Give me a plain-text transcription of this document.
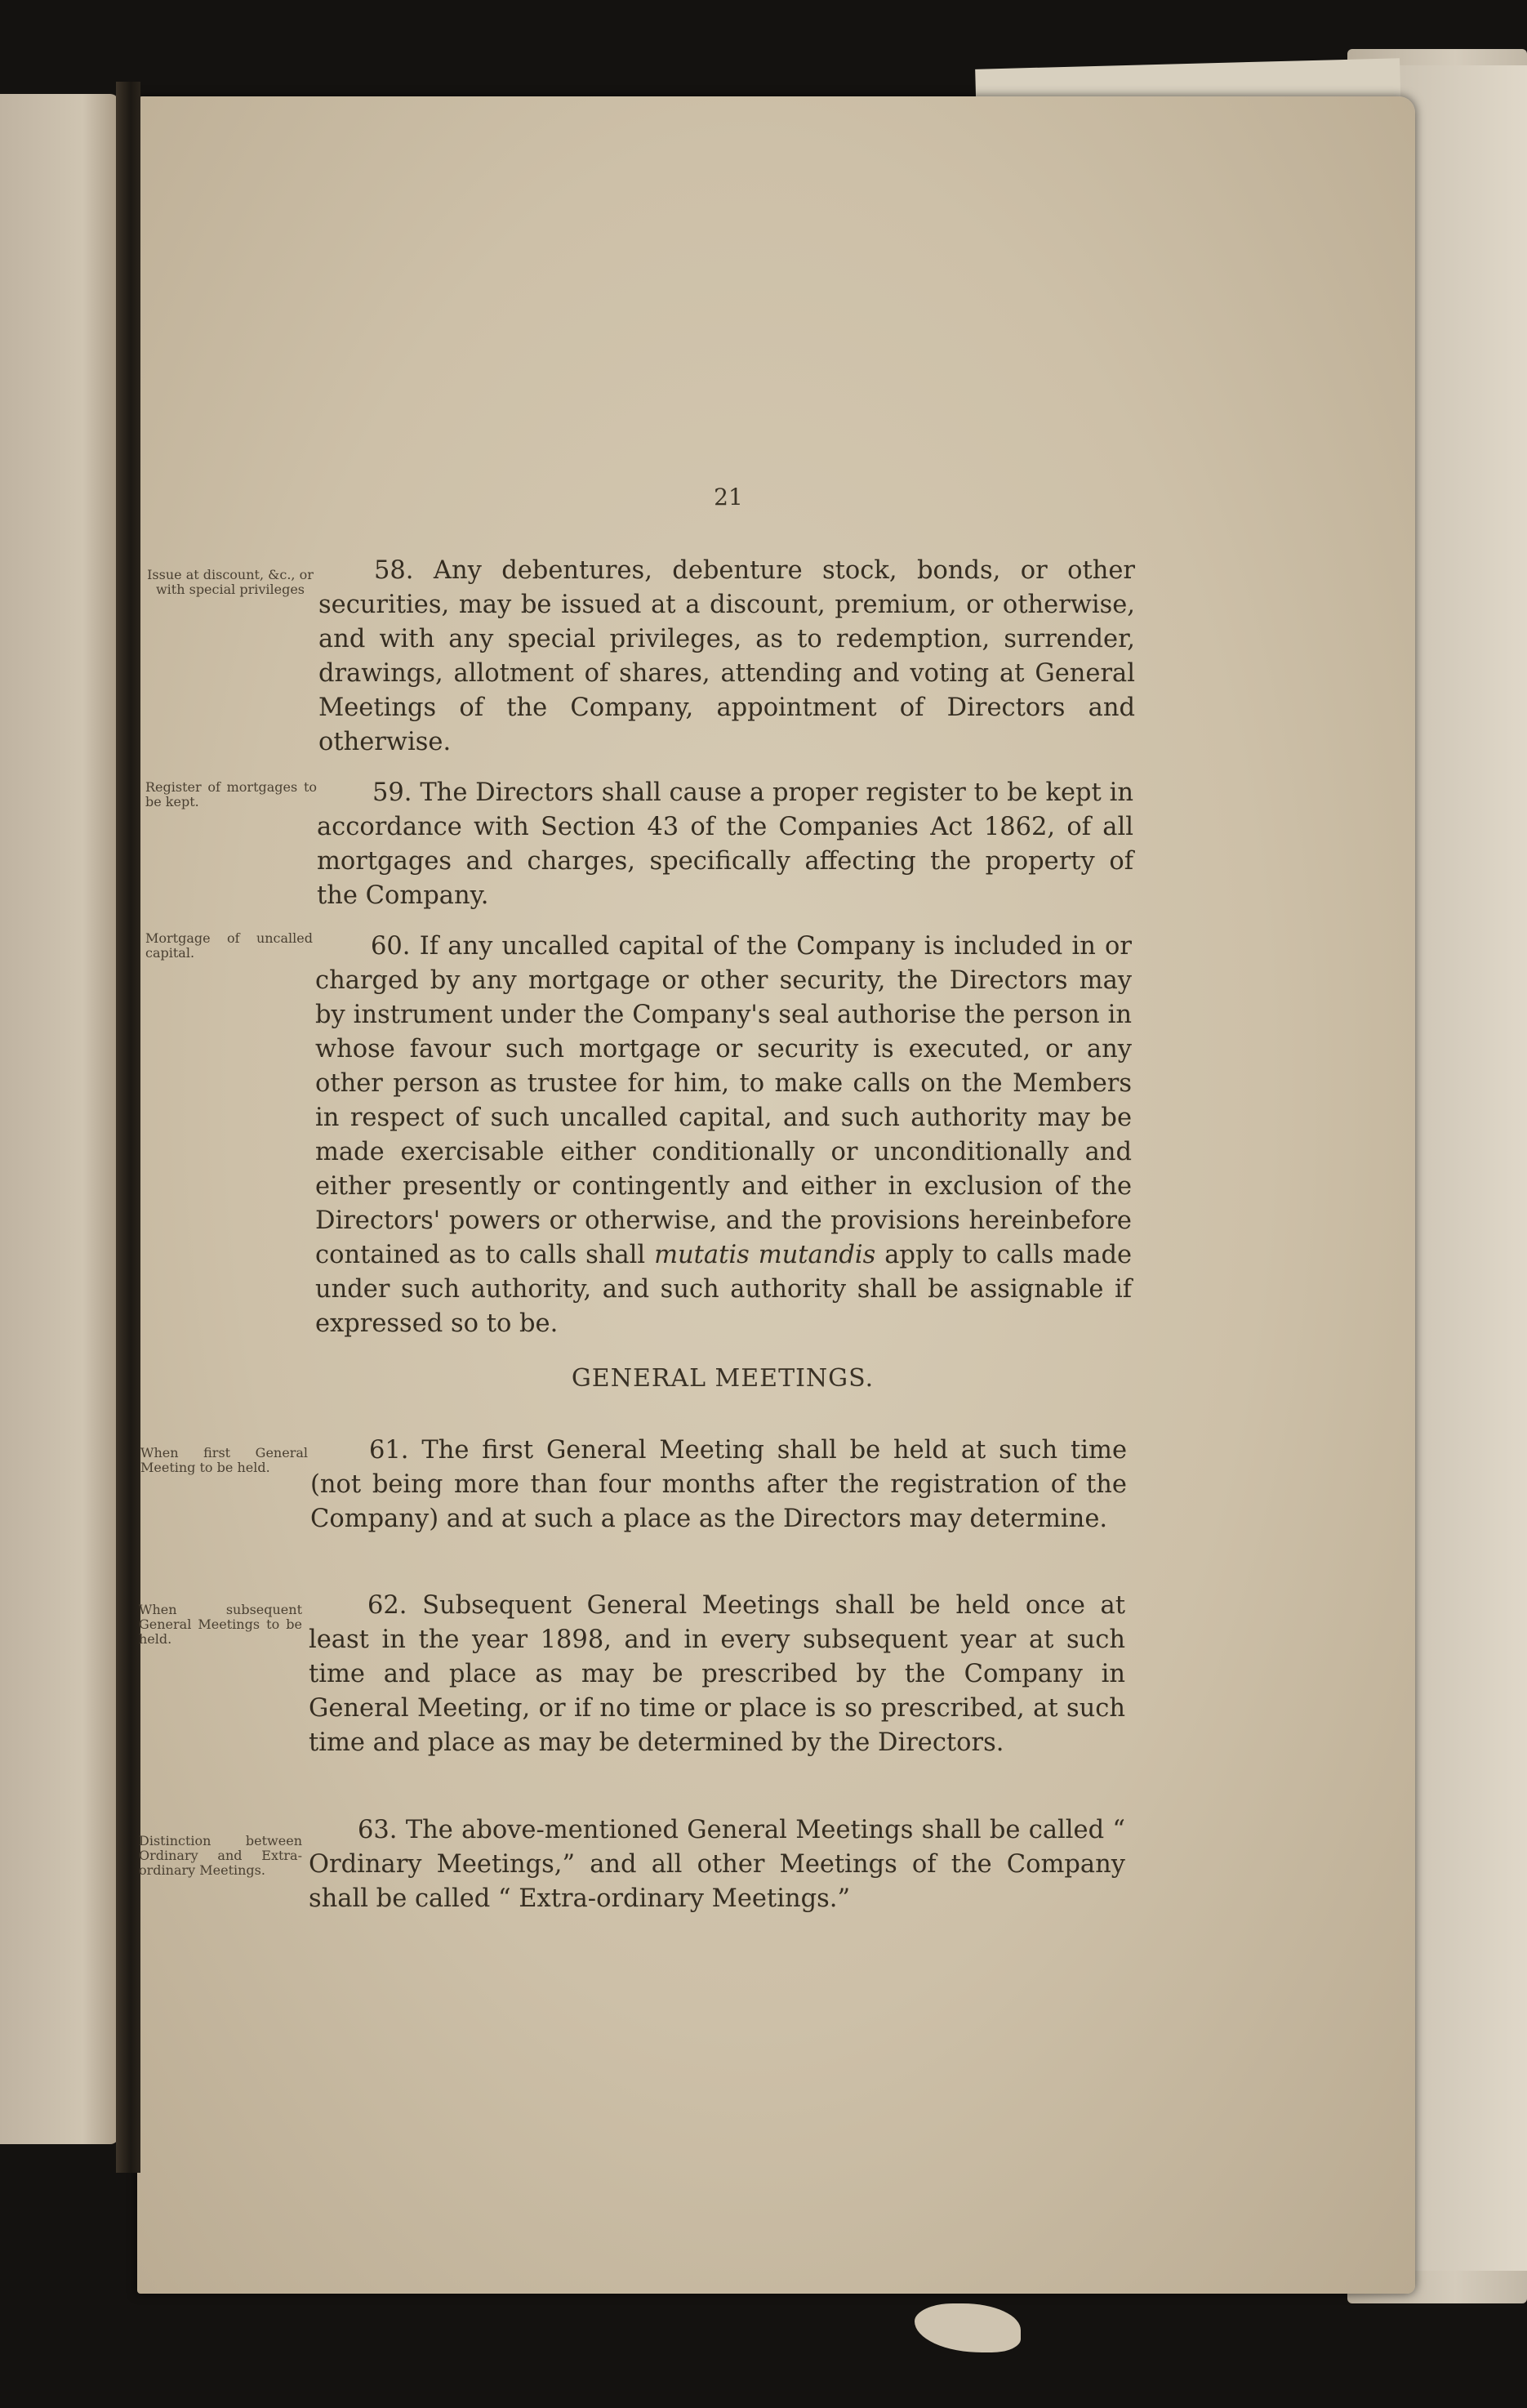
21
Issue at discount, &c., or with special privileges
58. Any debentures, debenture stock, bonds, or other securities, may be issued at a discount, premium, or otherwise, and with any special privileges, as to redemption, surrender, drawings, allotment of shares, attending and voting at General Meetings of the Company, appointment of Directors and otherwise.
Register of mortgages to be kept.	59. The Directors shall cause a proper register to be kept in accordance with Section 43 of the Companies Act 1862, of all mortgages and charges, specifically affecting the property of the Company.
Mortgage of uncalled capital.	60. If any uncalled capital of the Company is included in or charged by any mortgage or other security, the Directors may by instrument under the Company's seal authorise the person in whose favour such mortgage or security is executed, or any other person as trustee for him, to make calls on the Members in respect of such uncalled capital, and such authority may be made exercisable either conditionally or unconditionally and either presently or contingently and either in exclusion of the Directors' powers or otherwise, and the provisions hereinbefore contained as to calls shall mutatis mutandis apply to calls made under such authority, and such authority shall be assignable if expressed so to be.
GENERAL MEETINGS.
When first General Meeting to be held.
61. The first General Meeting shall be held at such time (not being more than four months after the registration of the Company) and at such a place as the Directors may determine.
When subsequent General Meetings to be held.
62. Subsequent General Meetings shall be held once at least in the year 1898, and in every subsequent year at such time and place as may be prescribed by the Company in General Meeting, or if no time or place is so prescribed, at such time and place as may be determined by the Directors.
Distinction between Ordinary and Extra-ordinary Meetings.
63. The above-mentioned General Meetings shall be called “ Ordinary Meetings,” and all other Meetings of the Company shall be called “ Extra-ordinary Meetings.”
